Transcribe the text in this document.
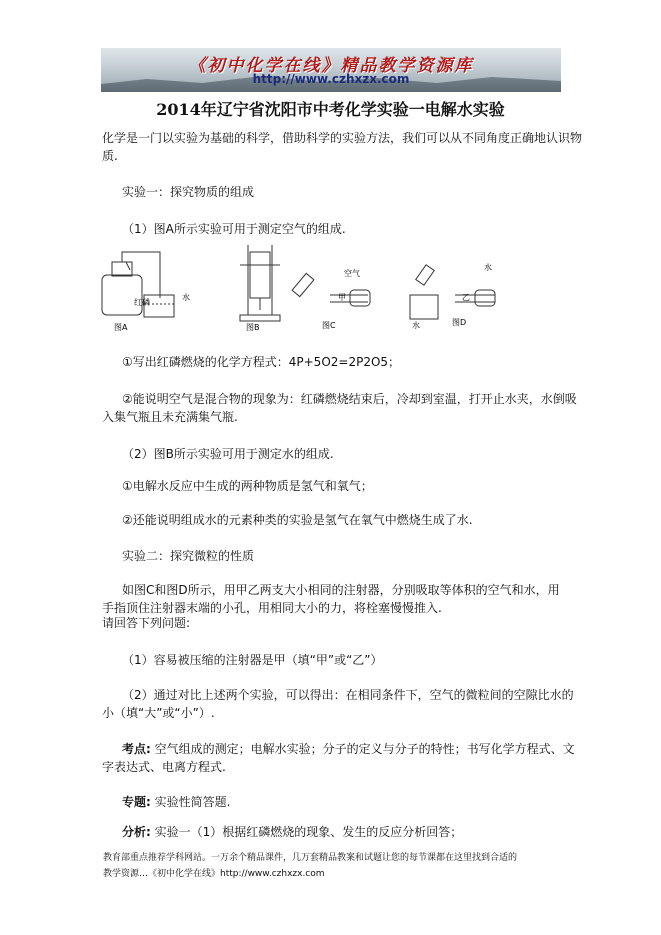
《初中化学在线》精品教学资源库
http://www.czhxzx.com
2014年辽宁省沈阳市中考化学实验一电解水实验
化学是一门以实验为基础的科学，借助科学的实验方法，我们可以从不同角度正确地认识物
质.
实验一：探究物质的组成
（1）图A所示实验可用于测定空气的组成.
红磷
水
图A	图B
空气
甲
图C
水
乙
水	图D
①写出红磷燃烧的化学方程式：4P+5O2=2P2O5；
②能说明空气是混合物的现象为：红磷燃烧结束后，冷却到室温，打开止水夹，水倒吸
入集气瓶且未充满集气瓶.
（2）图B所示实验可用于测定水的组成.
①电解水反应中生成的两种物质是氢气和氧气；
②还能说明组成水的元素种类的实验是氢气在氧气中燃烧生成了水.
实验二：探究微粒的性质
如图C和图D所示，用甲乙两支大小相同的注射器，分别吸取等体积的空气和水，用
手指顶住注射器末端的小孔，用相同大小的力，将栓塞慢慢推入.
请回答下列问题:
（1）容易被压缩的注射器是甲（填“甲”或“乙”）
（2）通过对比上述两个实验，可以得出：在相同条件下，空气的微粒间的空隙比水的
小（填“大”或“小”）.
考点: 空气组成的测定；电解水实验；分子的定义与分子的特性；书写化学方程式、文
字表达式、电离方程式.
专题: 实验性简答题.
分析: 实验一（1）根据红磷燃烧的现象、发生的反应分析回答；
教育部重点推荐学科网站。一万余个精品课件，几万套精品教案和试题让您的每节课都在这里找到合适的
教学资源…《初中化学在线》http://www.czhxzx.com
